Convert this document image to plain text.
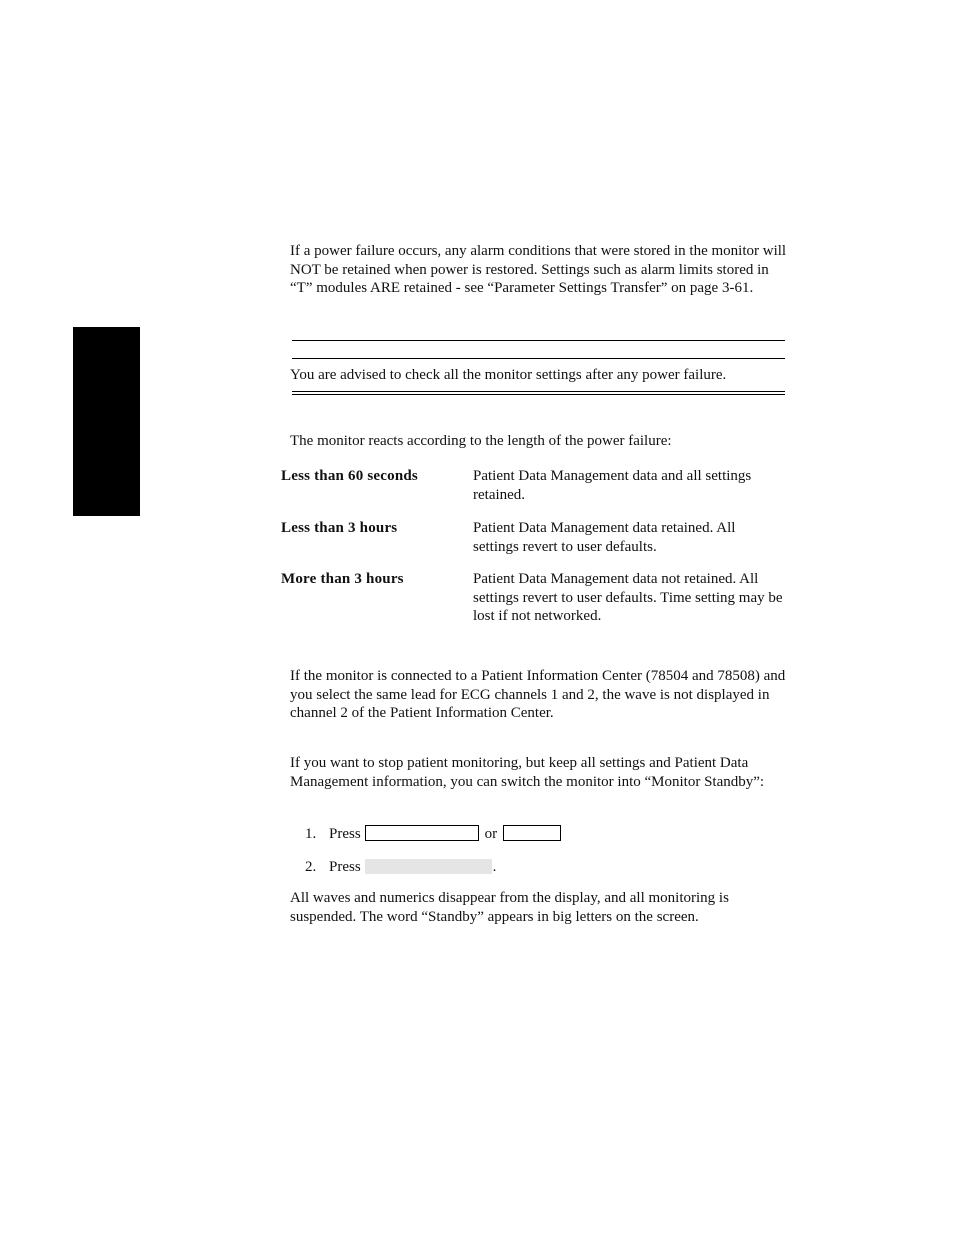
If a power failure occurs, any alarm conditions that were stored in the monitor will NOT be retained when power is restored. Settings such as alarm limits stored in “T” modules ARE retained - see “Parameter Settings Transfer” on page 3-61.

You are advised to check all the monitor settings after any power failure.

The monitor reacts according to the length of the power failure:

Less than 60 seconds	Patient Data Management data and all settings retained.
Less than 3 hours	Patient Data Management data retained. All settings revert to user defaults.
More than 3 hours	Patient Data Management data not retained. All settings revert to user defaults. Time setting may be lost if not networked.

If the monitor is connected to a Patient Information Center (78504 and 78508) and you select the same lead for ECG channels 1 and 2, the wave is not displayed in channel 2 of the Patient Information Center.

If you want to stop patient monitoring, but keep all settings and Patient Data Management information, you can switch the monitor into “Monitor Standby”:

1. Press	or
2. Press	.

All waves and numerics disappear from the display, and all monitoring is suspended. The word “Standby” appears in big letters on the screen.
